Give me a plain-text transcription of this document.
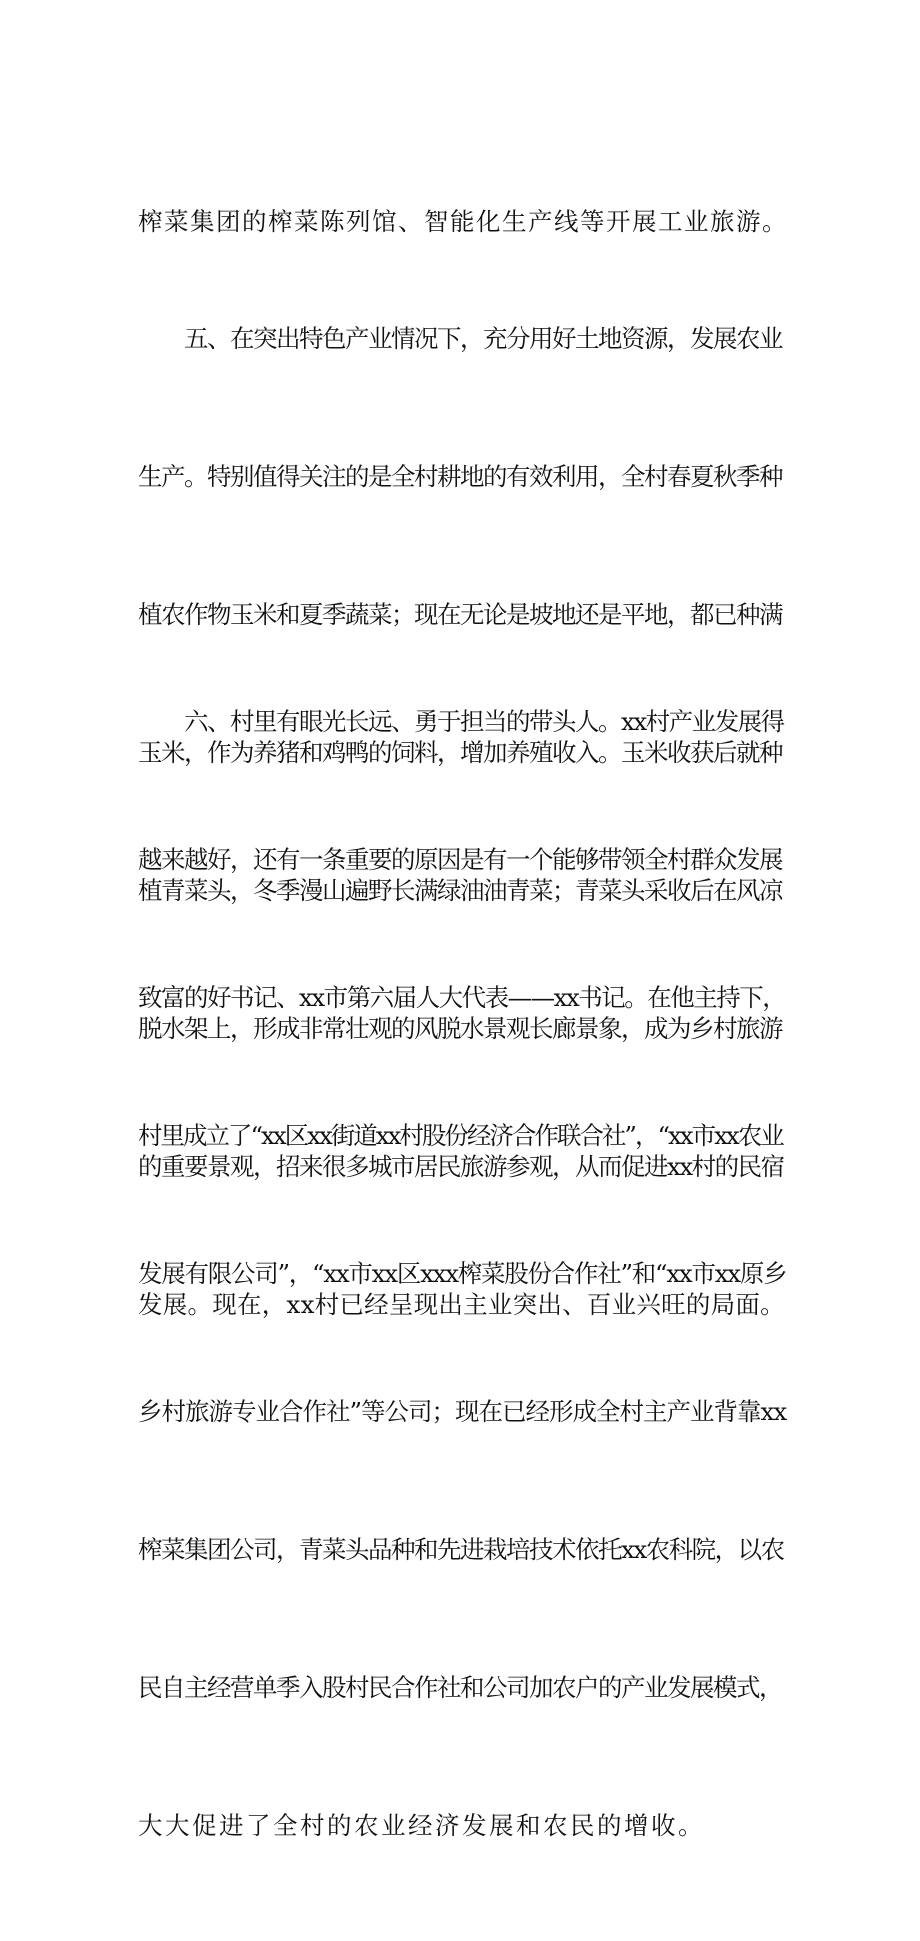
榨菜集团的榨菜陈列馆、智能化生产线等开展工业旅游。

　　五、在突出特色产业情况下，充分用好土地资源，发展农业

生产。特别值得关注的是全村耕地的有效利用，全村春夏秋季种

植农作物玉米和夏季蔬菜；现在无论是坡地还是平地，都已种满

玉米，作为养猪和鸡鸭的饲料，增加养殖收入。玉米收获后就种

植青菜头，冬季漫山遍野长满绿油油青菜；青菜头采收后在风凉

脱水架上，形成非常壮观的风脱水景观长廊景象，成为乡村旅游

的重要景观，招来很多城市居民旅游参观，从而促进xx村的民宿

发展。现在，xx村已经呈现出主业突出、百业兴旺的局面。

　　六、村里有眼光长远、勇于担当的带头人。xx村产业发展得

越来越好，还有一条重要的原因是有一个能够带领全村群众发展

致富的好书记、xx市第六届人大代表——xx书记。在他主持下，

村里成立了“xx区xx街道xx村股份经济合作联合社”，“xx市xx农业

发展有限公司”，“xx市xx区xxx榨菜股份合作社”和“xx市xx原乡

乡村旅游专业合作社”等公司；现在已经形成全村主产业背靠xx

榨菜集团公司，青菜头品种和先进栽培技术依托xx农科院，以农

民自主经营单季入股村民合作社和公司加农户的产业发展模式，

大大促进了全村的农业经济发展和农民的增收。
